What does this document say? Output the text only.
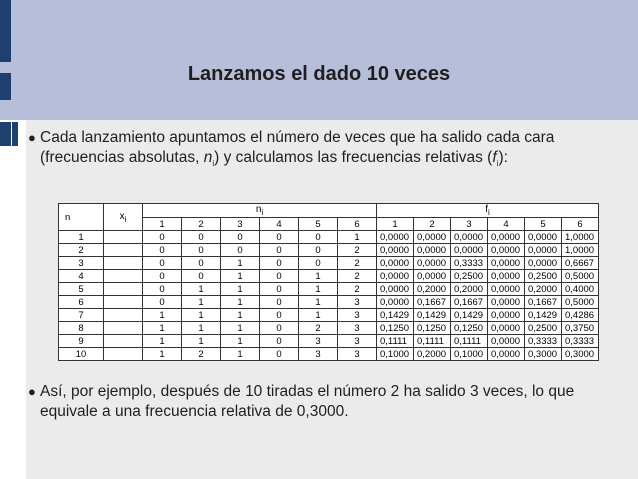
Lanzamos el dado 10 veces
● Cada lanzamiento apuntamos el número de veces que ha salido cada cara (frecuencias absolutas, $n_i$) y calculamos las frecuencias relativas $(f_i)$:
n	$x_i$	$n_i$						$f_i$
		1	2	3	4	5	6	1	2	3	4	5	6
1		0	0	0	0	0	1	0,0000	0,0000	0,0000	0,0000	0,0000	1,0000
2		0	0	0	0	0	2	0,0000	0,0000	0,0000	0,0000	0,0000	1,0000
3		0	0	1	0	0	2	0,0000	0,0000	0,3333	0,0000	0,0000	0,6667
4		0	0	1	0	1	2	0,0000	0,0000	0,2500	0,0000	0,2500	0,5000
5		0	1	1	0	1	2	0,0000	0,2000	0,2000	0,0000	0,2000	0,4000
6		0	1	1	0	1	3	0,0000	0,1667	0,1667	0,0000	0,1667	0,5000
7		1	1	1	0	1	3	0,1429	0,1429	0,1429	0,0000	0,1429	0,4286
8		1	1	1	0	2	3	0,1250	0,1250	0,1250	0,0000	0,2500	0,3750
9		1	1	1	0	3	3	0,1111	0,1111	0,1111	0,0000	0,3333	0,3333
10		1	2	1	0	3	3	0,1000	0,2000	0,1000	0,0000	0,3000	0,3000
● Así, por ejemplo, después de 10 tiradas el número 2 ha salido 3 veces, lo que equivale a una frecuencia relativa de 0,3000.
